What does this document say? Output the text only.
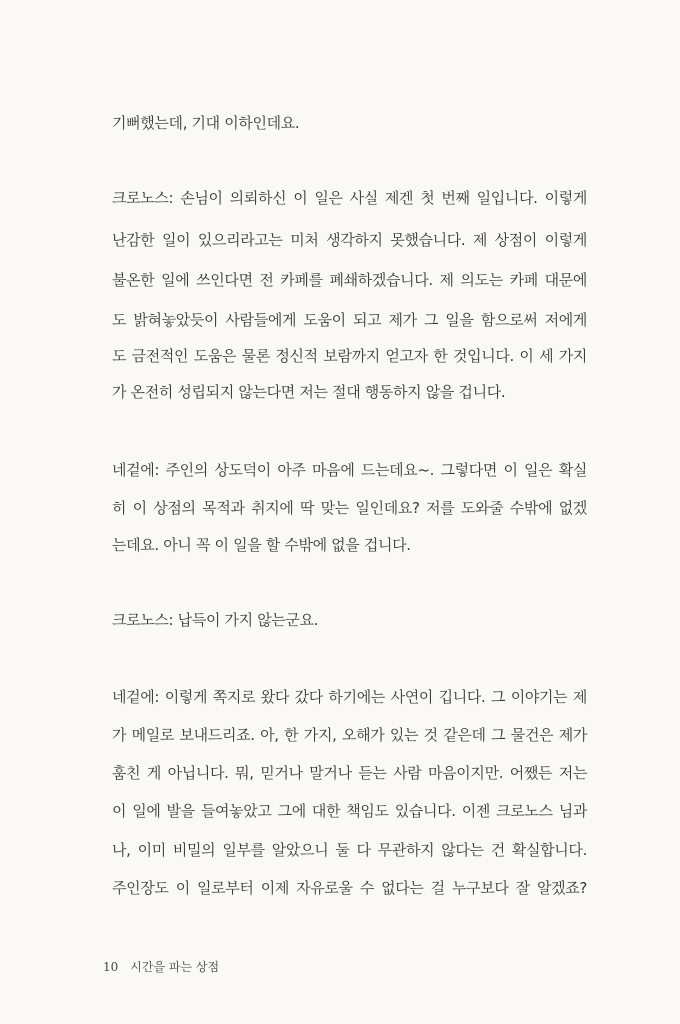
기뻐했는데, 기대 이하인데요.
크로노스: 손님이 의뢰하신 이 일은 사실 제겐 첫 번째 일입니다. 이렇게
난감한 일이 있으리라고는 미처 생각하지 못했습니다. 제 상점이 이렇게
불온한 일에 쓰인다면 전 카페를 폐쇄하겠습니다. 제 의도는 카페 대문에
도 밝혀놓았듯이 사람들에게 도움이 되고 제가 그 일을 함으로써 저에게
도 금전적인 도움은 물론 정신적 보람까지 얻고자 한 것입니다. 이 세 가지
가 온전히 성립되지 않는다면 저는 절대 행동하지 않을 겁니다.
네겉에: 주인의 상도덕이 아주 마음에 드는데요~. 그렇다면 이 일은 확실
히 이 상점의 목적과 취지에 딱 맞는 일인데요? 저를 도와줄 수밖에 없겠
는데요. 아니 꼭 이 일을 할 수밖에 없을 겁니다.
크로노스: 납득이 가지 않는군요.
네겉에: 이렇게 쪽지로 왔다 갔다 하기에는 사연이 깁니다. 그 이야기는 제
가 메일로 보내드리죠. 아, 한 가지, 오해가 있는 것 같은데 그 물건은 제가
훔친 게 아닙니다. 뭐, 믿거나 말거나 듣는 사람 마음이지만. 어쨌든 저는
이 일에 발을 들여놓았고 그에 대한 책임도 있습니다. 이젠 크로노스 님과
나, 이미 비밀의 일부를 알았으니 둘 다 무관하지 않다는 건 확실합니다.
주인장도 이 일로부터 이제 자유로울 수 없다는 걸 누구보다 잘 알겠죠?
10 시간을 파는 상점
